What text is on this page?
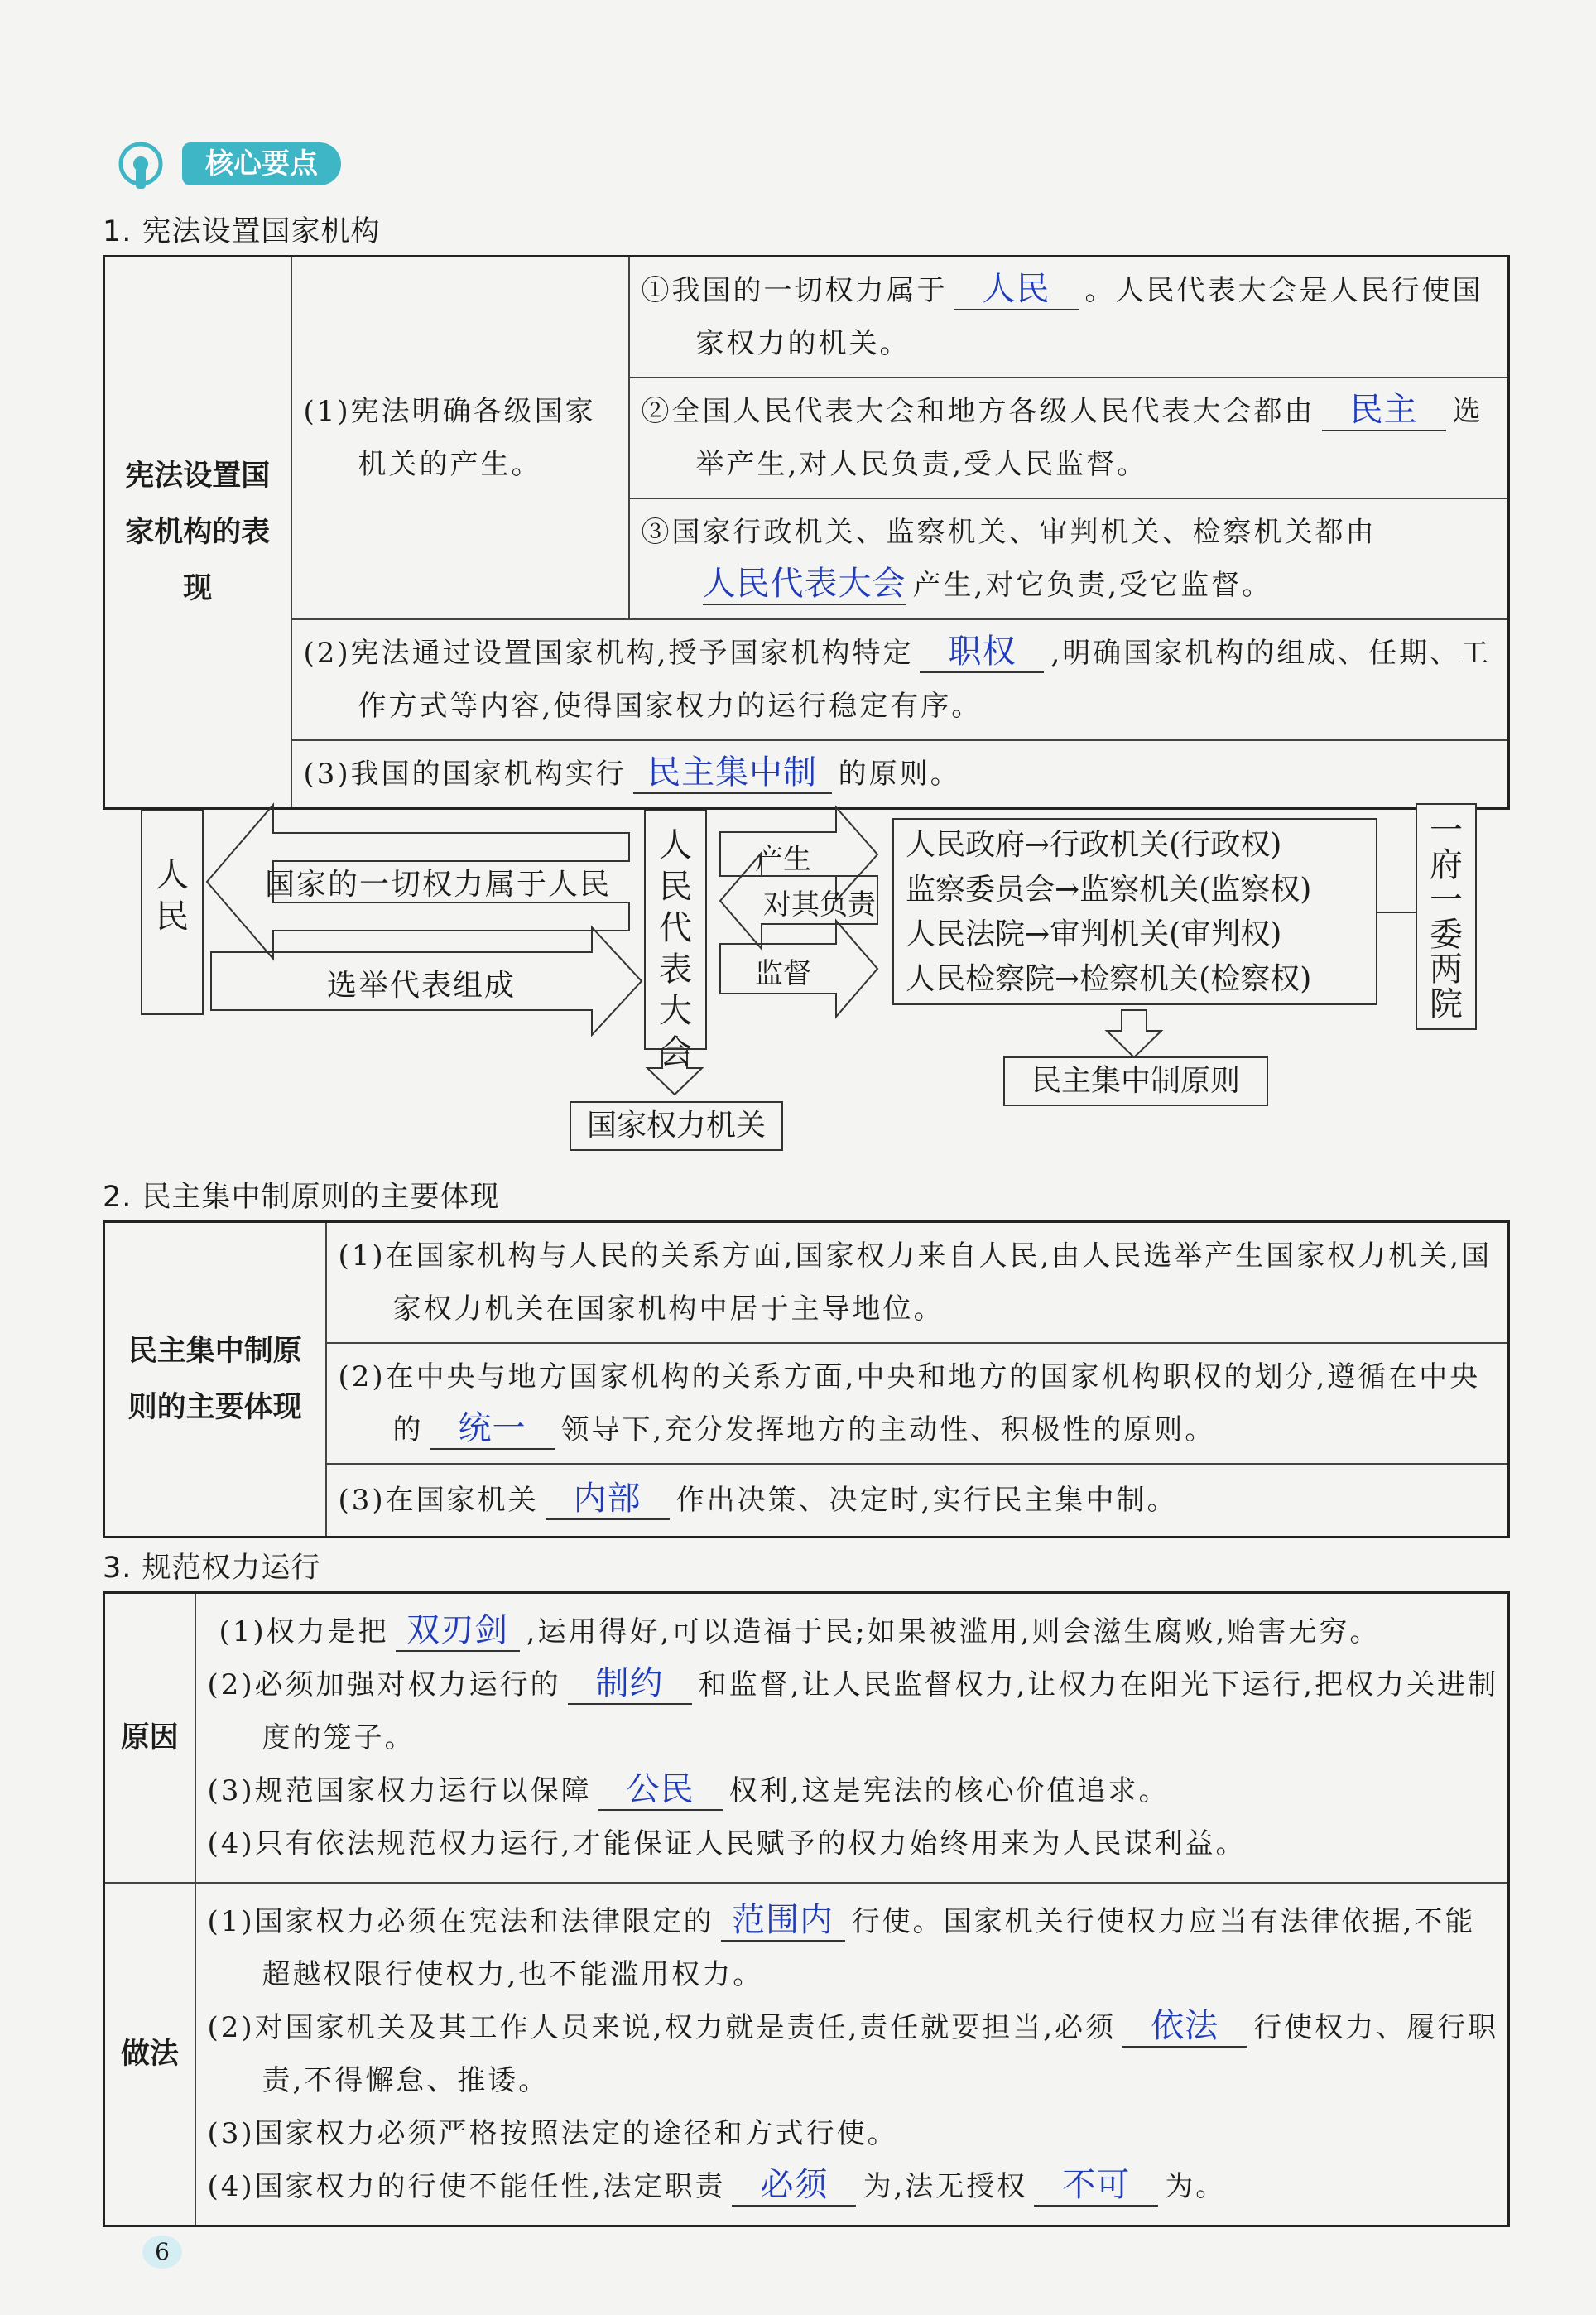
核心要点
1. 宪法设置国家机构
宪法设置国家机构的表现
	(1)宪法明确各级国家机关的产生。	①我国的一切权力属于 人民 。人民代表大会是人民行使国家权力的机关。
②全国人民代表大会和地方各级人民代表大会都由 民主 选举产生,对人民负责,受人民监督。
③国家行政机关、监察机关、审判机关、检察机关都由人民代表大会 产生,对它负责,受它监督。
(2)宪法通过设置国家机构,授予国家机构特定 职权 ,明确国家机构的组成、任期、工作方式等内容,使得国家权力的运行稳定有序。
(3)我国的国家机构实行 民主集中制 的原则。
人民
国家的一切权力属于人民
选举代表组成
人民代表大会
产生
对其负责
监督
人民政府→行政机关(行政权)
监察委员会→监察机关(监察权)
人民法院→审判机关(审判权)
人民检察院→检察机关(检察权)
一府一委两院
国家权力机关
民主集中制原则
2. 民主集中制原则的主要体现
民主集中制原则的主要体现
	(1)在国家机构与人民的关系方面,国家权力来自人民,由人民选举产生国家权力机关,国家权力机关在国家机构中居于主导地位。
(2)在中央与地方国家机构的关系方面,中央和地方的国家机构职权的划分,遵循在中央的 统一 领导下,充分发挥地方的主动性、积极性的原则。
(3)在国家机关 内部 作出决策、决定时,实行民主集中制。
3. 规范权力运行
原因	(1)权力是把 双刃剑 ,运用得好,可以造福于民;如果被滥用,则会滋生腐败,贻害无穷。
(2)必须加强对权力运行的 制约 和监督,让人民监督权力,让权力在阳光下运行,把权力关进制度的笼子。
(3)规范国家权力运行以保障 公民 权利,这是宪法的核心价值追求。
(4)只有依法规范权力运行,才能保证人民赋予的权力始终用来为人民谋利益。

做法	(1)国家权力必须在宪法和法律限定的 范围内 行使。国家机关行使权力应当有法律依据,不能超越权限行使权力,也不能滥用权力。
(2)对国家机关及其工作人员来说,权力就是责任,责任就要担当,必须 依法 行使权力、履行职责,不得懈怠、推诿。
(3)国家权力必须严格按照法定的途径和方式行使。
(4)国家权力的行使不能任性,法定职责 必须 为,法无授权 不可 为。
6
